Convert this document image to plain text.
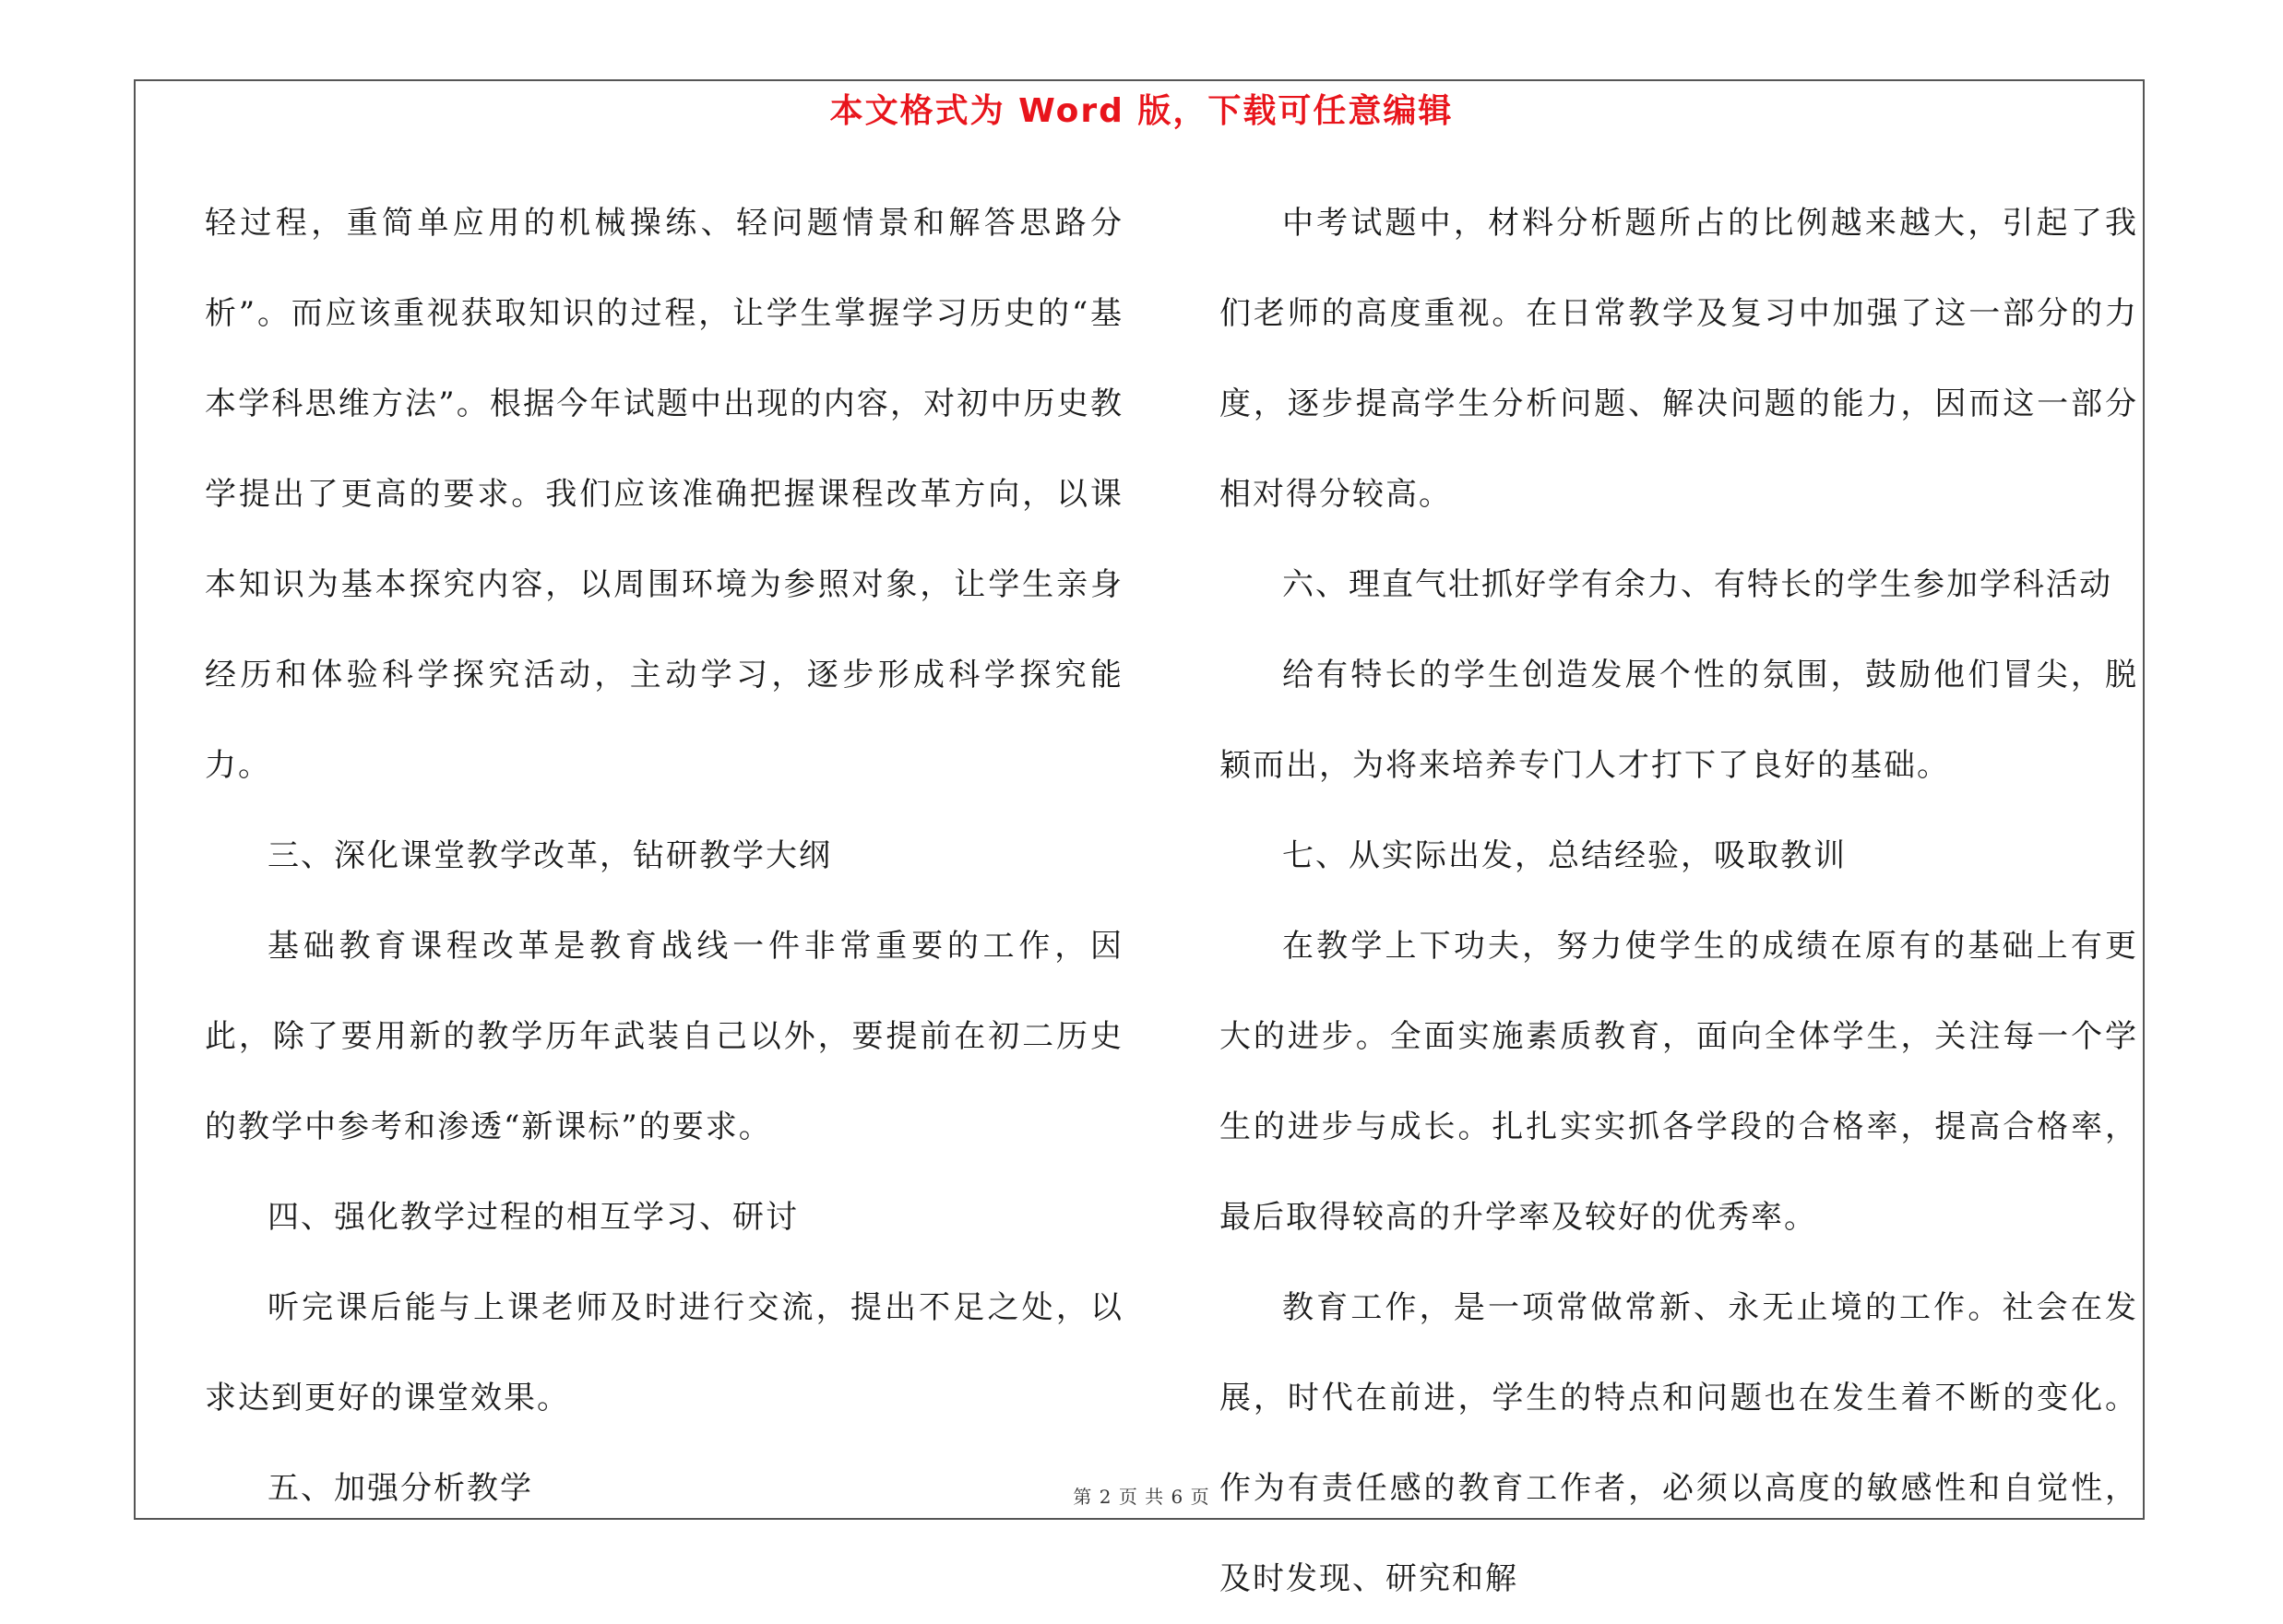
本文格式为 Word 版，下载可任意编辑

轻过程，重简单应用的机械操练、轻问题情景和解答思路分析”。而应该重视获取知识的过程，让学生掌握学习历史的“基本学科思维方法”。根据今年试题中出现的内容，对初中历史教学提出了更高的要求。我们应该准确把握课程改革方向，以课本知识为基本探究内容，以周围环境为参照对象，让学生亲身经历和体验科学探究活动，主动学习，逐步形成科学探究能力。

三、深化课堂教学改革，钻研教学大纲

基础教育课程改革是教育战线一件非常重要的工作，因此，除了要用新的教学历年武装自己以外，要提前在初二历史的教学中参考和渗透“新课标”的要求。

四、强化教学过程的相互学习、研讨

听完课后能与上课老师及时进行交流，提出不足之处，以求达到更好的课堂效果。

五、加强分析教学

中考试题中，材料分析题所占的比例越来越大，引起了我们老师的高度重视。在日常教学及复习中加强了这一部分的力度，逐步提高学生分析问题、解决问题的能力，因而这一部分相对得分较高。

六、理直气壮抓好学有余力、有特长的学生参加学科活动

给有特长的学生创造发展个性的氛围，鼓励他们冒尖，脱颖而出，为将来培养专门人才打下了良好的基础。

七、从实际出发，总结经验，吸取教训

在教学上下功夫，努力使学生的成绩在原有的基础上有更大的进步。全面实施素质教育，面向全体学生，关注每一个学生的进步与成长。扎扎实实抓各学段的合格率，提高合格率，最后取得较高的升学率及较好的优秀率。

教育工作，是一项常做常新、永无止境的工作。社会在发展，时代在前进，学生的特点和问题也在发生着不断的变化。作为有责任感的教育工作者，必须以高度的敏感性和自觉性，及时发现、研究和解

第 2 页 共 6 页
